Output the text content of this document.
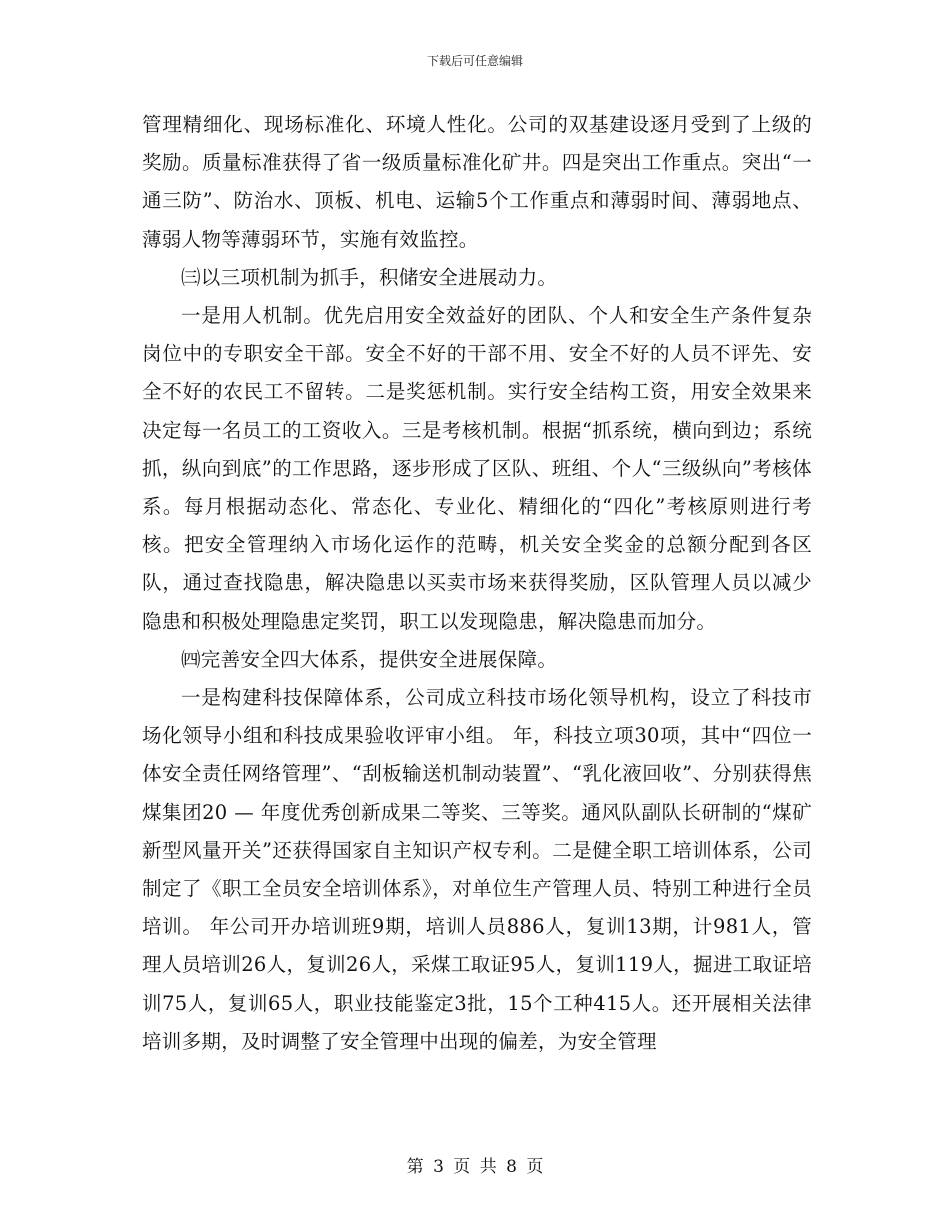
下载后可任意编辑

管理精细化、现场标准化、环境人性化。公司的双基建设逐月受到了上级的奖励。质量标准获得了省一级质量标准化矿井。四是突出工作重点。突出“一通三防”、防治水、顶板、机电、运输5个工作重点和薄弱时间、薄弱地点、薄弱人物等薄弱环节，实施有效监控。

㈢以三项机制为抓手，积储安全进展动力。

一是用人机制。优先启用安全效益好的团队、个人和安全生产条件复杂岗位中的专职安全干部。安全不好的干部不用、安全不好的人员不评先、安全不好的农民工不留转。二是奖惩机制。实行安全结构工资，用安全效果来决定每一名员工的工资收入。三是考核机制。根据“抓系统，横向到边；系统抓，纵向到底”的工作思路，逐步形成了区队、班组、个人“三级纵向”考核体系。每月根据动态化、常态化、专业化、精细化的“四化”考核原则进行考核。把安全管理纳入市场化运作的范畴，机关安全奖金的总额分配到各区队，通过查找隐患，解决隐患以买卖市场来获得奖励，区队管理人员以减少隐患和积极处理隐患定奖罚，职工以发现隐患，解决隐患而加分。

㈣完善安全四大体系，提供安全进展保障。

一是构建科技保障体系，公司成立科技市场化领导机构，设立了科技市场化领导小组和科技成果验收评审小组。 年，科技立项30项，其中“四位一体安全责任网络管理”、“刮板输送机制动装置”、“乳化液回收”、分别获得焦煤集团20 — 年度优秀创新成果二等奖、三等奖。通风队副队长研制的“煤矿新型风量开关”还获得国家自主知识产权专利。二是健全职工培训体系，公司制定了《职工全员安全培训体系》，对单位生产管理人员、特别工种进行全员培训。 年公司开办培训班9期，培训人员886人，复训13期，计981人，管理人员培训26人，复训26人，采煤工取证95人，复训119人，掘进工取证培训75人，复训65人，职业技能鉴定3批，15个工种415人。还开展相关法律培训多期，及时调整了安全管理中出现的偏差，为安全管理

第 3 页 共 8 页
